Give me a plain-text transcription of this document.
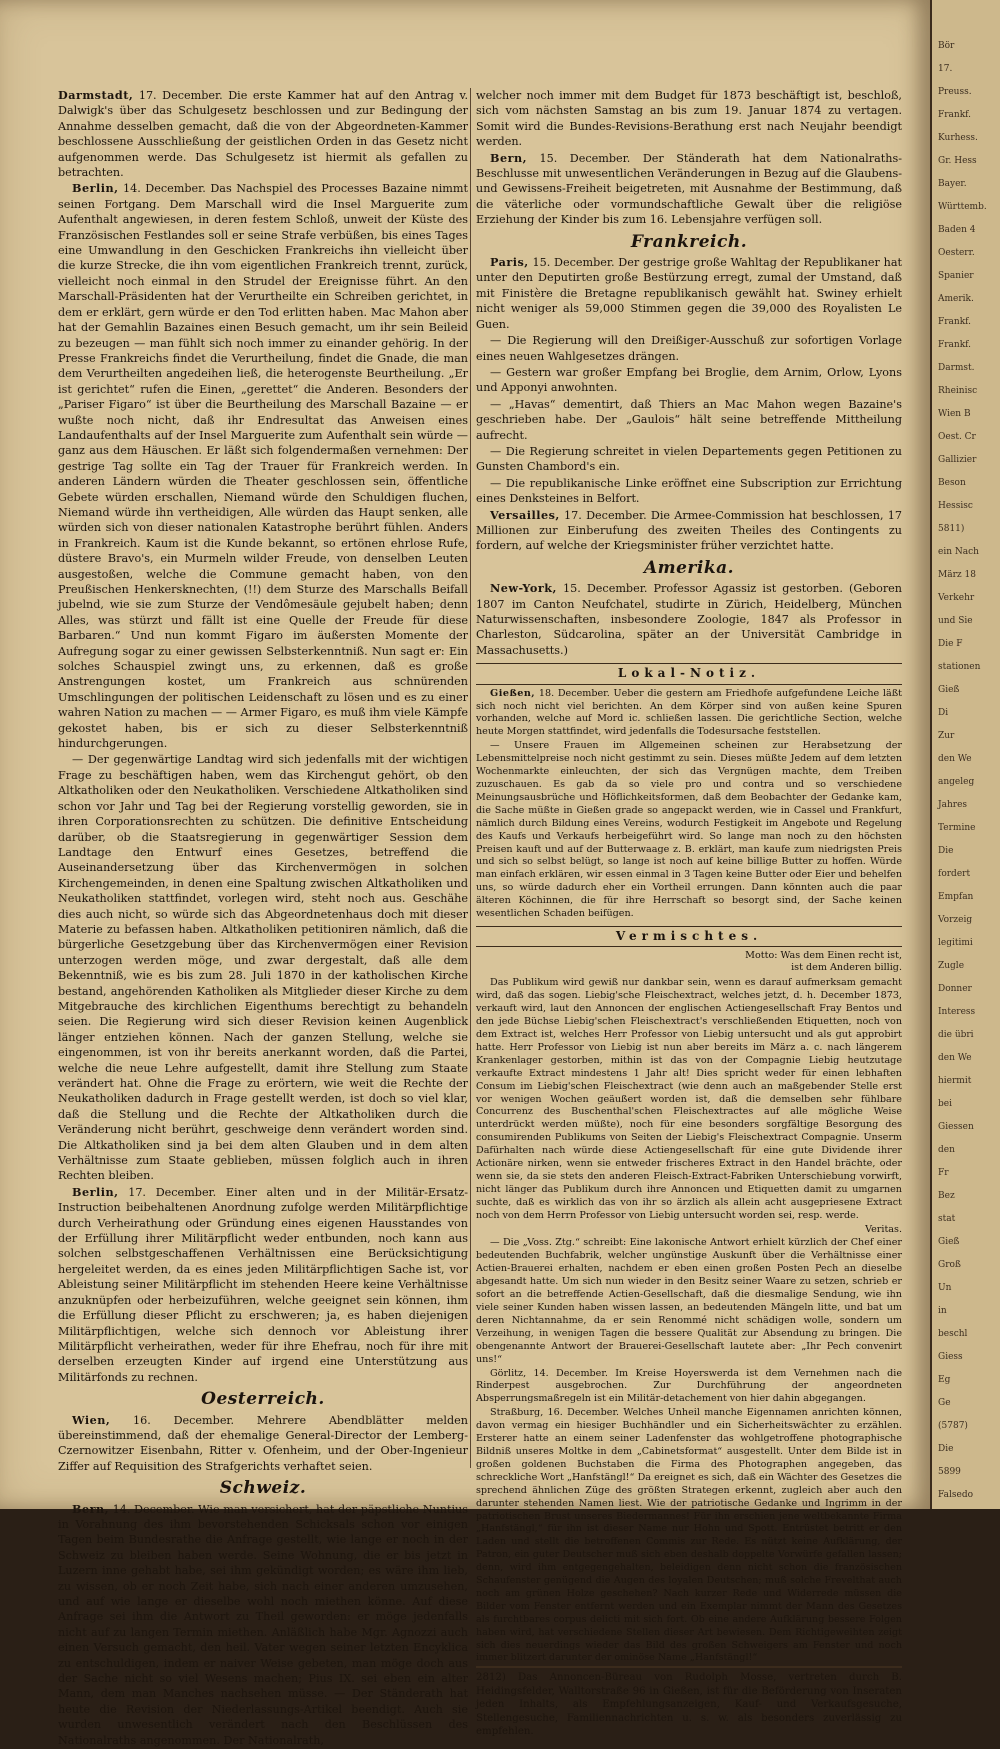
Darmstadt, 17. December. Die erste Kammer hat auf den Antrag v. Dalwigk's über das Schulgesetz beschlossen und zur Bedingung der Annahme desselben gemacht, daß die von der Abgeordneten-Kammer beschlossene Ausschließung der geistlichen Orden in das Gesetz nicht aufgenommen werde. Das Schulgesetz ist hiermit als gefallen zu betrachten.

Berlin, 14. December. Das Nachspiel des Processes Bazaine nimmt seinen Fortgang. Dem Marschall wird die Insel Marguerite zum Aufenthalt angewiesen, in deren festem Schloß, unweit der Küste des Französischen Festlandes soll er seine Strafe verbüßen, bis eines Tages eine Umwandlung in den Geschicken Frankreichs ihn vielleicht über die kurze Strecke, die ihn vom eigentlichen Frankreich trennt, zurück, vielleicht noch einmal in den Strudel der Ereignisse führt. An den Marschall-Präsidenten hat der Verurtheilte ein Schreiben gerichtet, in dem er erklärt, gern würde er den Tod erlitten haben. Mac Mahon aber hat der Gemahlin Bazaines einen Besuch gemacht, um ihr sein Beileid zu bezeugen — man fühlt sich noch immer zu einander gehörig. In der Presse Frankreichs findet die Verurtheilung, findet die Gnade, die man dem Verurtheilten angedeihen ließ, die heterogenste Beurtheilung. „Er ist gerichtet“ rufen die Einen, „gerettet“ die Anderen. Besonders der „Pariser Figaro“ ist über die Beurtheilung des Marschall Bazaine — er wußte noch nicht, daß ihr Endresultat das Anweisen eines Landaufenthalts auf der Insel Marguerite zum Aufenthalt sein würde — ganz aus dem Häuschen. Er läßt sich folgendermaßen vernehmen: Der gestrige Tag sollte ein Tag der Trauer für Frankreich werden. In anderen Ländern würden die Theater geschlossen sein, öffentliche Gebete würden erschallen, Niemand würde den Schuldigen fluchen, Niemand würde ihn vertheidigen, Alle würden das Haupt senken, alle würden sich von dieser nationalen Katastrophe berührt fühlen. Anders in Frankreich. Kaum ist die Kunde bekannt, so ertönen ehrlose Rufe, düstere Bravo's, ein Murmeln wilder Freude, von denselben Leuten ausgestoßen, welche die Commune gemacht haben, von den Preußischen Henkersknechten, (!!) dem Sturze des Marschalls Beifall jubelnd, wie sie zum Sturze der Vendômesäule gejubelt haben; denn Alles, was stürzt und fällt ist eine Quelle der Freude für diese Barbaren.“ Und nun kommt Figaro im äußersten Momente der Aufregung sogar zu einer gewissen Selbsterkenntniß. Nun sagt er: Ein solches Schauspiel zwingt uns, zu erkennen, daß es große Anstrengungen kostet, um Frankreich aus schnürenden Umschlingungen der politischen Leidenschaft zu lösen und es zu einer wahren Nation zu machen — — Armer Figaro, es muß ihm viele Kämpfe gekostet haben, bis er sich zu dieser Selbsterkenntniß hindurchgerungen.

— Der gegenwärtige Landtag wird sich jedenfalls mit der wichtigen Frage zu beschäftigen haben, wem das Kirchengut gehört, ob den Altkatholiken oder den Neukatholiken. Verschiedene Altkatholiken sind schon vor Jahr und Tag bei der Regierung vorstellig geworden, sie in ihren Corporationsrechten zu schützen. Die definitive Entscheidung darüber, ob die Staatsregierung in gegenwärtiger Session dem Landtage den Entwurf eines Gesetzes, betreffend die Auseinandersetzung über das Kirchenvermögen in solchen Kirchengemeinden, in denen eine Spaltung zwischen Altkatholiken und Neukatholiken stattfindet, vorlegen wird, steht noch aus. Geschähe dies auch nicht, so würde sich das Abgeordnetenhaus doch mit dieser Materie zu befassen haben. Altkatholiken petitioniren nämlich, daß die bürgerliche Gesetzgebung über das Kirchenvermögen einer Revision unterzogen werden möge, und zwar dergestalt, daß alle dem Bekenntniß, wie es bis zum 28. Juli 1870 in der katholischen Kirche bestand, angehörenden Katholiken als Mitglieder dieser Kirche zu dem Mitgebrauche des kirchlichen Eigenthums berechtigt zu behandeln seien. Die Regierung wird sich dieser Revision keinen Augenblick länger entziehen können. Nach der ganzen Stellung, welche sie eingenommen, ist von ihr bereits anerkannt worden, daß die Partei, welche die neue Lehre aufgestellt, damit ihre Stellung zum Staate verändert hat. Ohne die Frage zu erörtern, wie weit die Rechte der Neukatholiken dadurch in Frage gestellt werden, ist doch so viel klar, daß die Stellung und die Rechte der Altkatholiken durch die Veränderung nicht berührt, geschweige denn verändert worden sind. Die Altkatholiken sind ja bei dem alten Glauben und in dem alten Verhältnisse zum Staate geblieben, müssen folglich auch in ihren Rechten bleiben.

Berlin, 17. December. Einer alten und in der Militär-Ersatz-Instruction beibehaltenen Anordnung zufolge werden Militärpflichtige durch Verheirathung oder Gründung eines eigenen Hausstandes von der Erfüllung ihrer Militärpflicht weder entbunden, noch kann aus solchen selbstgeschaffenen Verhältnissen eine Berücksichtigung hergeleitet werden, da es eines jeden Militärpflichtigen Sache ist, vor Ableistung seiner Militärpflicht im stehenden Heere keine Verhältnisse anzuknüpfen oder herbeizuführen, welche geeignet sein können, ihm die Erfüllung dieser Pflicht zu erschweren; ja, es haben diejenigen Militärpflichtigen, welche sich dennoch vor Ableistung ihrer Militärpflicht verheirathen, weder für ihre Ehefrau, noch für ihre mit derselben erzeugten Kinder auf irgend eine Unterstützung aus Militärfonds zu rechnen.

Oesterreich.

Wien, 16. December. Mehrere Abendblätter melden übereinstimmend, daß der ehemalige General-Director der Lemberg-Czernowitzer Eisenbahn, Ritter v. Ofenheim, und der Ober-Ingenieur Ziffer auf Requisition des Strafgerichts verhaftet seien.

Schweiz.

Bern, 14. December. Wie man versichert, hat der päpstliche Nuntius in Vorahnung des ihm bevorstehenden Schicksals schon vor einigen Tagen beim Bundesrathe die Anfrage gestellt, wie lange er noch in der Schweiz zu bleiben haben werde. Seine Wohnung, die er bis jetzt in Luzern inne gehabt habe, sei ihm gekündigt worden; es wäre ihm lieb, zu wissen, ob er noch Zeit habe, sich nach einer anderen umzusehen, und auf wie lange er dieselbe wohl noch miethen könne. Auf diese Anfrage sei ihm die Antwort zu Theil geworden: er möge jedenfalls nicht auf zu langen Termin miethen. Anläßlich habe Mgr. Agnozzi auch einen Versuch gemacht, den heil. Vater wegen seiner letzten Encyklica zu entschuldigen, indem er naiver Weise gebeten, man möge doch aus der Sache nicht so viel Wesens machen; Pius IX. sei eben ein alter Mann, dem man Manches nachsehen müsse. — Der Ständerath hat heute die Revision der Niederlassungs-Artikel beendigt. Auch sie wurden unwesentlich verändert nach den Beschlüssen des Nationalraths angenommen. Der Nationalrath,

welcher noch immer mit dem Budget für 1873 beschäftigt ist, beschloß, sich vom nächsten Samstag an bis zum 19. Januar 1874 zu vertagen. Somit wird die Bundes-Revisions-Berathung erst nach Neujahr beendigt werden.

Bern, 15. December. Der Ständerath hat dem Nationalraths-Beschlusse mit unwesentlichen Veränderungen in Bezug auf die Glaubens- und Gewissens-Freiheit beigetreten, mit Ausnahme der Bestimmung, daß die väterliche oder vormundschaftliche Gewalt über die religiöse Erziehung der Kinder bis zum 16. Lebensjahre verfügen soll.

Frankreich.

Paris, 15. December. Der gestrige große Wahltag der Republikaner hat unter den Deputirten große Bestürzung erregt, zumal der Umstand, daß mit Finistère die Bretagne republikanisch gewählt hat. Swiney erhielt nicht weniger als 59,000 Stimmen gegen die 39,000 des Royalisten Le Guen.

— Die Regierung will den Dreißiger-Ausschuß zur sofortigen Vorlage eines neuen Wahlgesetzes drängen.

— Gestern war großer Empfang bei Broglie, dem Arnim, Orlow, Lyons und Apponyi anwohnten.

— „Havas“ dementirt, daß Thiers an Mac Mahon wegen Bazaine's geschrieben habe. Der „Gaulois“ hält seine betreffende Mittheilung aufrecht.

— Die Regierung schreitet in vielen Departements gegen Petitionen zu Gunsten Chambord's ein.

— Die republikanische Linke eröffnet eine Subscription zur Errichtung eines Denksteines in Belfort.

Versailles, 17. December. Die Armee-Commission hat beschlossen, 17 Millionen zur Einberufung des zweiten Theiles des Contingents zu fordern, auf welche der Kriegsminister früher verzichtet hatte.

Amerika.

New-York, 15. December. Professor Agassiz ist gestorben. (Geboren 1807 im Canton Neufchatel, studirte in Zürich, Heidelberg, München Naturwissenschaften, insbesondere Zoologie, 1847 als Professor in Charleston, Südcarolina, später an der Universität Cambridge in Massachusetts.)

Lokal-Notiz.

Gießen, 18. December. Ueber die gestern am Friedhofe aufgefundene Leiche läßt sich noch nicht viel berichten. An dem Körper sind von außen keine Spuren vorhanden, welche auf Mord ic. schließen lassen. Die gerichtliche Section, welche heute Morgen stattfindet, wird jedenfalls die Todesursache feststellen.

— Unsere Frauen im Allgemeinen scheinen zur Herabsetzung der Lebensmittelpreise noch nicht gestimmt zu sein. Dieses müßte Jedem auf dem letzten Wochenmarkte einleuchten, der sich das Vergnügen machte, dem Treiben zuzuschauen. Es gab da so viele pro und contra und so verschiedene Meinungsausbrüche und Höflichkeitsformen, daß dem Beobachter der Gedanke kam, die Sache müßte in Gießen grade so angepackt werden, wie in Cassel und Frankfurt, nämlich durch Bildung eines Vereins, wodurch Festigkeit im Angebote und Regelung des Kaufs und Verkaufs herbeigeführt wird. So lange man noch zu den höchsten Preisen kauft und auf der Butterwaage z. B. erklärt, man kaufe zum niedrigsten Preis und sich so selbst belügt, so lange ist noch auf keine billige Butter zu hoffen. Würde man einfach erklären, wir essen einmal in 3 Tagen keine Butter oder Eier und behelfen uns, so würde dadurch eher ein Vortheil errungen. Dann könnten auch die paar älteren Köchinnen, die für ihre Herrschaft so besorgt sind, der Sache keinen wesentlichen Schaden beifügen.

Vermischtes.
Motto: Was dem Einen recht ist,
ist dem Anderen billig.

Das Publikum wird gewiß nur dankbar sein, wenn es darauf aufmerksam gemacht wird, daß das sogen. Liebig'sche Fleischextract, welches jetzt, d. h. December 1873, verkauft wird, laut den Annoncen der englischen Actiengesellschaft Fray Bentos und den jede Büchse Liebig'schen Fleischextract's verschließenden Etiquetten, noch von dem Extract ist, welches Herr Professor von Liebig untersucht und als gut approbirt hatte. Herr Professor von Liebig ist nun aber bereits im März a. c. nach längerem Krankenlager gestorben, mithin ist das von der Compagnie Liebig heutzutage verkaufte Extract mindestens 1 Jahr alt! Dies spricht weder für einen lebhaften Consum im Liebig'schen Fleischextract (wie denn auch an maßgebender Stelle erst vor wenigen Wochen geäußert worden ist, daß die demselben sehr fühlbare Concurrenz des Buschenthal'schen Fleischextractes auf alle mögliche Weise unterdrückt werden müßte), noch für eine besonders sorgfältige Besorgung des consumirenden Publikums von Seiten der Liebig's Fleischextract Compagnie. Unserm Dafürhalten nach würde diese Actiengesellschaft für eine gute Dividende ihrer Actionäre nirken, wenn sie entweder frischeres Extract in den Handel brächte, oder wenn sie, da sie stets den anderen Fleisch-Extract-Fabriken Unterschiebung vorwirft, nicht länger das Publikum durch ihre Annoncen und Etiquetten damit zu umgarnen suchte, daß es wirklich das von ihr so ärzlich als allein acht ausgepriesene Extract noch von dem Herrn Professor von Liebig untersucht worden sei, resp. werde.

Veritas.

— Die „Voss. Ztg.“ schreibt: Eine lakonische Antwort erhielt kürzlich der Chef einer bedeutenden Buchfabrik, welcher ungünstige Auskunft über die Verhältnisse einer Actien-Brauerei erhalten, nachdem er eben einen großen Posten Pech an dieselbe abgesandt hatte. Um sich nun wieder in den Besitz seiner Waare zu setzen, schrieb er sofort an die betreffende Actien-Gesellschaft, daß die diesmalige Sendung, wie ihn viele seiner Kunden haben wissen lassen, an bedeutenden Mängeln litte, und bat um deren Nichtannahme, da er sein Renommé nicht schädigen wolle, sondern um Verzeihung, in wenigen Tagen die bessere Qualität zur Absendung zu bringen. Die obengenannte Antwort der Brauerei-Gesellschaft lautete aber: „Ihr Pech convenirt uns!“

Görlitz, 14. December. Im Kreise Hoyerswerda ist dem Vernehmen nach die Rinderpest ausgebrochen. Zur Durchführung der angeordneten Absperrungsmaßregeln ist ein Militär-detachement von hier dahin abgegangen.

Straßburg, 16. December. Welches Unheil manche Eigennamen anrichten können, davon vermag ein hiesiger Buchhändler und ein Sicherheitswächter zu erzählen. Ersterer hatte an einem seiner Ladenfenster das wohlgetroffene photographische Bildniß unseres Moltke in dem „Cabinetsformat“ ausgestellt. Unter dem Bilde ist in großen goldenen Buchstaben die Firma des Photographen angegeben, das schreckliche Wort „Hanfstängl!“ Da ereignet es sich, daß ein Wächter des Gesetzes die sprechend ähnlichen Züge des größten Strategen erkennt, zugleich aber auch den darunter stehenden Namen liest. Wie der patriotische Gedanke und Ingrimm in der patriotischen Brust unseres Biedermannes! Für ihn erschien jene weltbekannte Firma „Hanfstängl,“ für ihn ist dieser Name nur Hohn und Spott. Entrüstet betritt er den Laden und stellt die betroffenen Commis zur Rede. Es nützt keine Aufklärung, der Patron, ein guter Deutscher muß sich eben deshalb doppelte Vorwürfe gefallen lassen; denn, wird ihm entgegengehalten, beleidigen denn nicht schon die französischen Schaufenster genügend die Augen des loyalen Deutschen; muß solche Frevelthat auch noch am grünen Holze geschehen? Nach kurzer Rede und Widerrede müssen die Bilder vom Fenster entfernt werden und ein Exemplar nimmt der Mann des Gesetzes als furchtbares corpus delicti mit sich fort. Ob eine andere Aufklärung bessere Folgen haben wird, hat verschiedene Stellen dieser Art bewiesen. Dem Richtigeweihten zeigt sich dies neuerdings wieder das Bild des großen Schweigers am Fenster und noch immer blitzert darunter der ominöse Name „Hanfstängl!“

2812) Das Annoncen-Büreau von Rudolph Mosse, vertreten durch B. Heidingsfelder, Walltorstraße 96 in Gießen, ist für die Beförderung von Inseraten jeden Inhalts, als Empfehlungsanzeigen, Kauf- und Verkaufsgesuche, Stellengesuche, Familiennachrichten u. s. w. als besonders zuverlässig zu empfehlen.
Bör
17.
Preuss.
Frankf.
Kurhess.
Gr. Hess
Bayer.
Württemb.
Baden 4
Oesterr.
Spanier
Amerik.
Frankf.
Frankf.
Darmst.
Rheinisc
Wien B
Oest. Cr
Gallizier
Beson
Hessisc
5811)
ein Nach
März 18
Verkehr
und Sie
Die F
stationen
Gieß
Di
Zur
den We
angeleg
Jahres
Termine
Die
fordert
Empfan
Vorzeig
legitimi
Zugle
Donner
Interess
die übri
den We
hiermit
bei
Giessen
den
Fr
Bez
stat
Gieß
Groß
Un
in
beschl
Giess
Eg
Ge
(5787)
Die
5899
Falsedo
